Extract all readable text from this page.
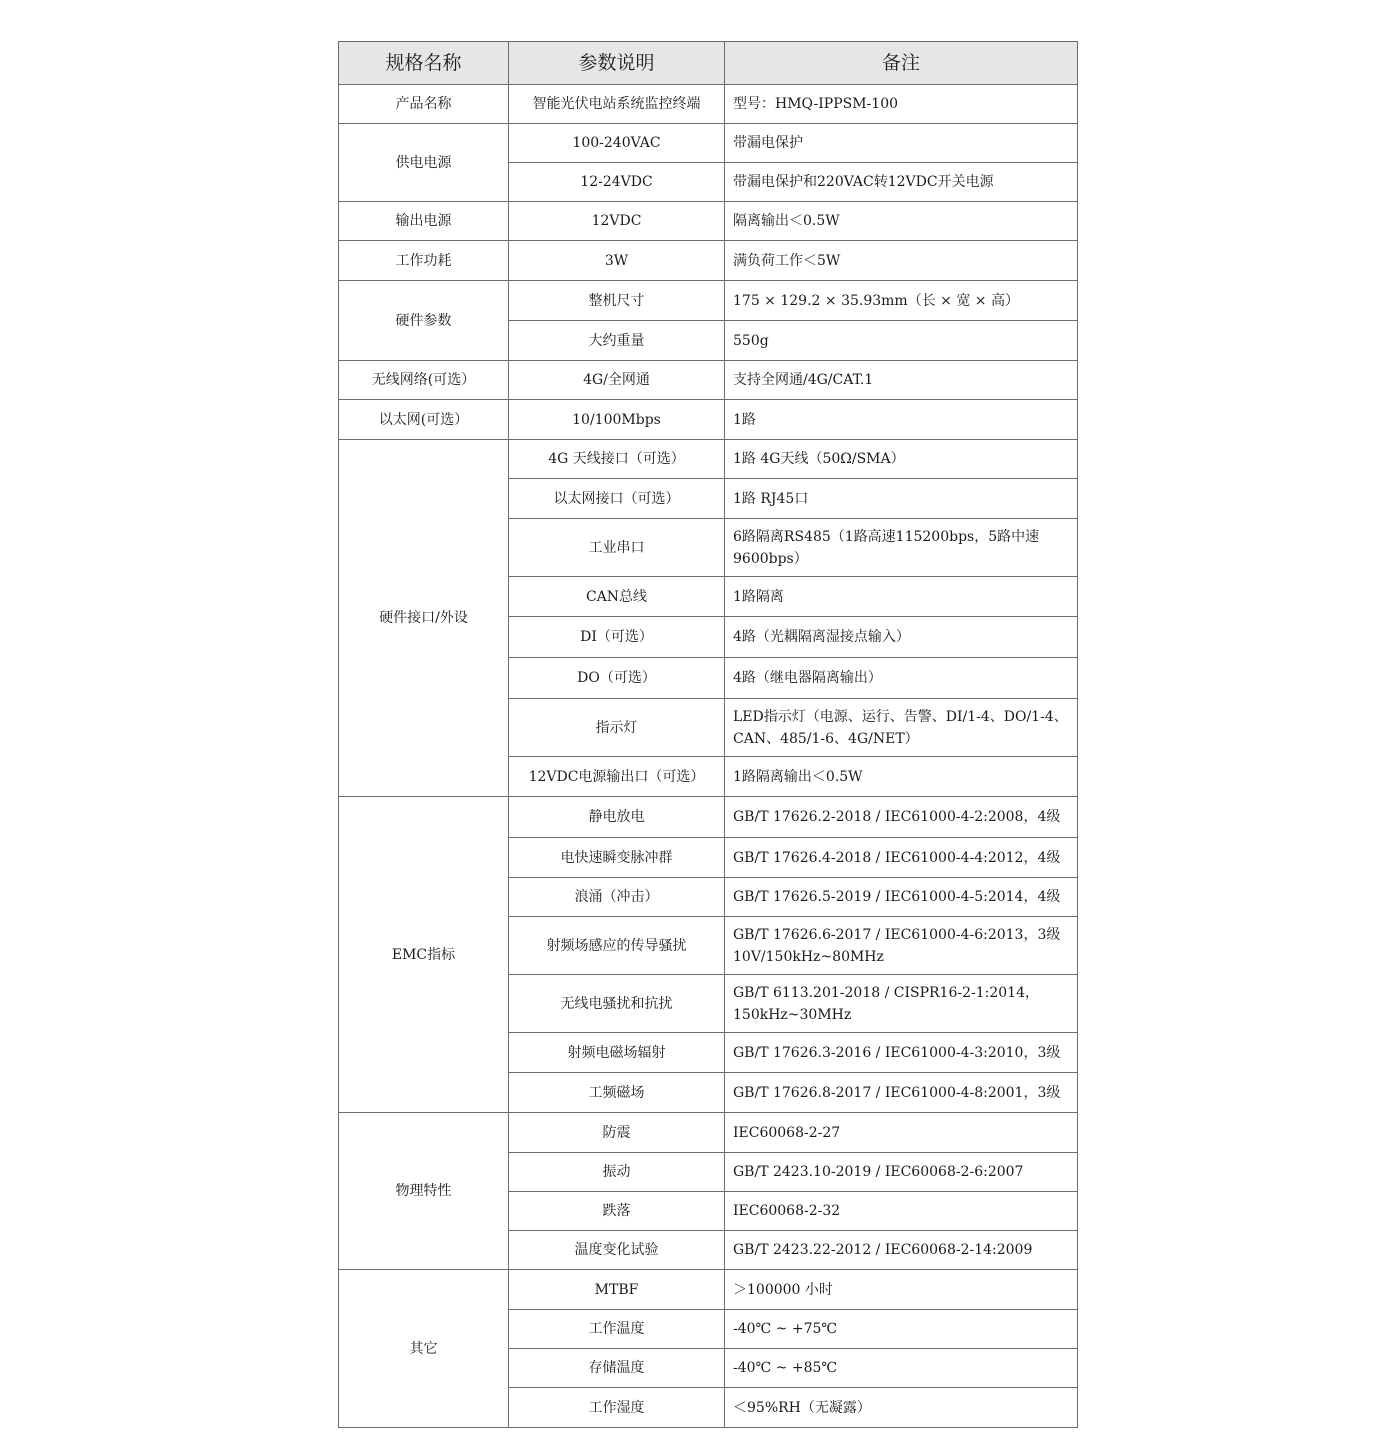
规格名称	参数说明	备注
产品名称	智能光伏电站系统监控终端	型号：HMQ-IPPSM-100
供电电源	100-240VAC	带漏电保护
	12-24VDC	带漏电保护和220VAC转12VDC开关电源
输出电源	12VDC	隔离输出＜0.5W
工作功耗	3W	满负荷工作＜5W
硬件参数	整机尺寸	175 × 129.2 × 35.93mm（长 × 宽 × 高）
	大约重量	550g
无线网络(可选）	4G/全网通	支持全网通/4G/CAT.1
以太网(可选）	10/100Mbps	1路
硬件接口/外设	4G 天线接口（可选）	1路 4G天线（50Ω/SMA）
	以太网接口（可选）	1路 RJ45口
	工业串口	6路隔离RS485（1路高速115200bps，5路中速9600bps）
	CAN总线	1路隔离
	DI（可选）	4路（光耦隔离湿接点输入）
	DO（可选）	4路（继电器隔离输出）
	指示灯	LED指示灯（电源、运行、告警、DI/1-4、DO/1-4、CAN、485/1-6、4G/NET）
	12VDC电源输出口（可选）	1路隔离输出＜0.5W
EMC指标	静电放电	GB/T 17626.2-2018 / IEC61000-4-2:2008，4级
	电快速瞬变脉冲群	GB/T 17626.4-2018 / IEC61000-4-4:2012，4级
	浪涌（冲击）	GB/T 17626.5-2019 / IEC61000-4-5:2014，4级
	射频场感应的传导骚扰	GB/T 17626.6-2017 / IEC61000-4-6:2013，3级 10V/150kHz~80MHz
	无线电骚扰和抗扰	GB/T 6113.201-2018 / CISPR16-2-1:2014，150kHz~30MHz
	射频电磁场辐射	GB/T 17626.3-2016 / IEC61000-4-3:2010，3级
	工频磁场	GB/T 17626.8-2017 / IEC61000-4-8:2001，3级
物理特性	防震	IEC60068-2-27
	振动	GB/T 2423.10-2019 / IEC60068-2-6:2007
	跌落	IEC60068-2-32
	温度变化试验	GB/T 2423.22-2012 / IEC60068-2-14:2009
其它	MTBF	＞100000 小时
	工作温度	-40℃ ~ +75℃
	存储温度	-40℃ ~ +85℃
	工作湿度	＜95%RH（无凝露）
